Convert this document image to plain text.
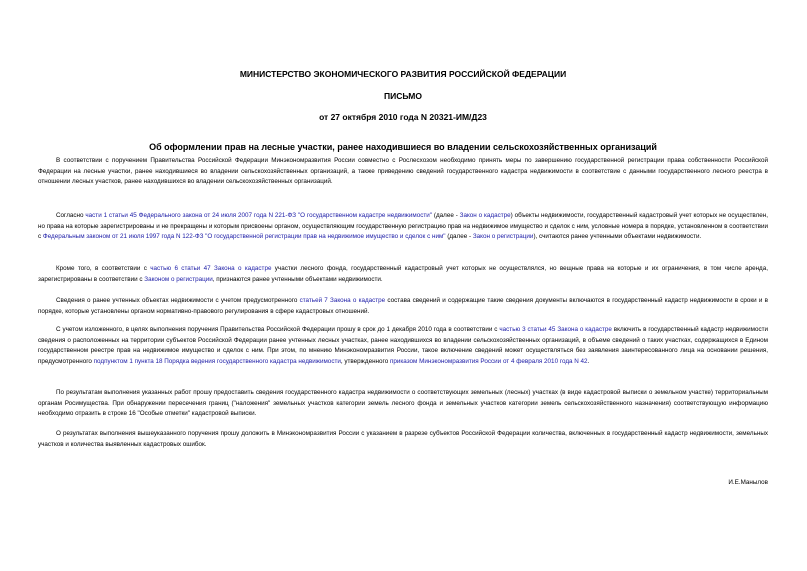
МИНИСТЕРСТВО ЭКОНОМИЧЕСКОГО РАЗВИТИЯ РОССИЙСКОЙ ФЕДЕРАЦИИ
ПИСЬМО
от 27 октября 2010 года N 20321-ИМ/Д23
Об оформлении прав на лесные участки, ранее находившиеся во владении сельскохозяйственных организаций

В соответствии с поручением Правительства Российской Федерации Минэкономразвития России совместно с Рослесхозом необходимо принять меры по завершению государственной регистрации права собственности Российской Федерации на лесные участки, ранее находившиеся во владении сельскохозяйственных организаций, а также приведению сведений государственного кадастра недвижимости в соответствие с данными государственного лесного реестра в отношении лесных участков, ранее находившихся во владении сельскохозяйственных организаций.

Согласно части 1 статьи 45 Федерального закона от 24 июля 2007 года N 221-ФЗ "О государственном кадастре недвижимости" (далее - Закон о кадастре) объекты недвижимости, государственный кадастровый учет которых не осуществлен, но права на которые зарегистрированы и не прекращены и которым присвоены органом, осуществляющим государственную регистрацию прав на недвижимое имущество и сделок с ним, условные номера в порядке, установленном в соответствии с Федеральным законом от 21 июля 1997 года N 122-ФЗ "О государственной регистрации прав на недвижимое имущество и сделок с ним" (далее - Закон о регистрации), считаются ранее учтенными объектами недвижимости.

Кроме того, в соответствии с частью 6 статьи 47 Закона о кадастре участки лесного фонда, государственный кадастровый учет которых не осуществлялся, но вещные права на которые и их ограничения, в том числе аренда, зарегистрированы в соответствии с Законом о регистрации, признаются ранее учтенными объектами недвижимости.

Сведения о ранее учтенных объектах недвижимости с учетом предусмотренного статьей 7 Закона о кадастре состава сведений и содержащие такие сведения документы включаются в государственный кадастр недвижимости в сроки и в порядке, которые установлены органом нормативно-правового регулирования в сфере кадастровых отношений.

С учетом изложенного, в целях выполнения поручения Правительства Российской Федерации прошу в срок до 1 декабря 2010 года в соответствии с частью 3 статьи 45 Закона о кадастре включить в государственный кадастр недвижимости сведения о расположенных на территории субъектов Российской Федерации ранее учтенных лесных участках, ранее находившихся во владении сельскохозяйственных организаций, в объеме сведений о таких участках, содержащихся в Едином государственном реестре прав на недвижимое имущество и сделок с ним. При этом, по мнению Минэкономразвития России, такое включение сведений может осуществляться без заявления заинтересованного лица на основании решения, предусмотренного подпунктом 1 пункта 18 Порядка ведения государственного кадастра недвижимости, утвержденного приказом Минэкономразвития России от 4 февраля 2010 года N 42.

По результатам выполнения указанных работ прошу предоставить сведения государственного кадастра недвижимости о соответствующих земельных (лесных) участках (в виде кадастровой выписки о земельном участке) территориальным органам Росимущества. При обнаружении пересечения границ ("наложения" земельных участков категории земель лесного фонда и земельных участков категории земель сельскохозяйственного назначения) соответствующую информацию необходимо отразить в строке 16 "Особые отметки" кадастровой выписки.

О результатах выполнения вышеуказанного поручения прошу доложить в Минэкономразвития России с указанием в разрезе субъектов Российской Федерации количества, включенных в государственный кадастр недвижимости, земельных участков и количества выявленных кадастровых ошибок.

И.Е.Манылов
